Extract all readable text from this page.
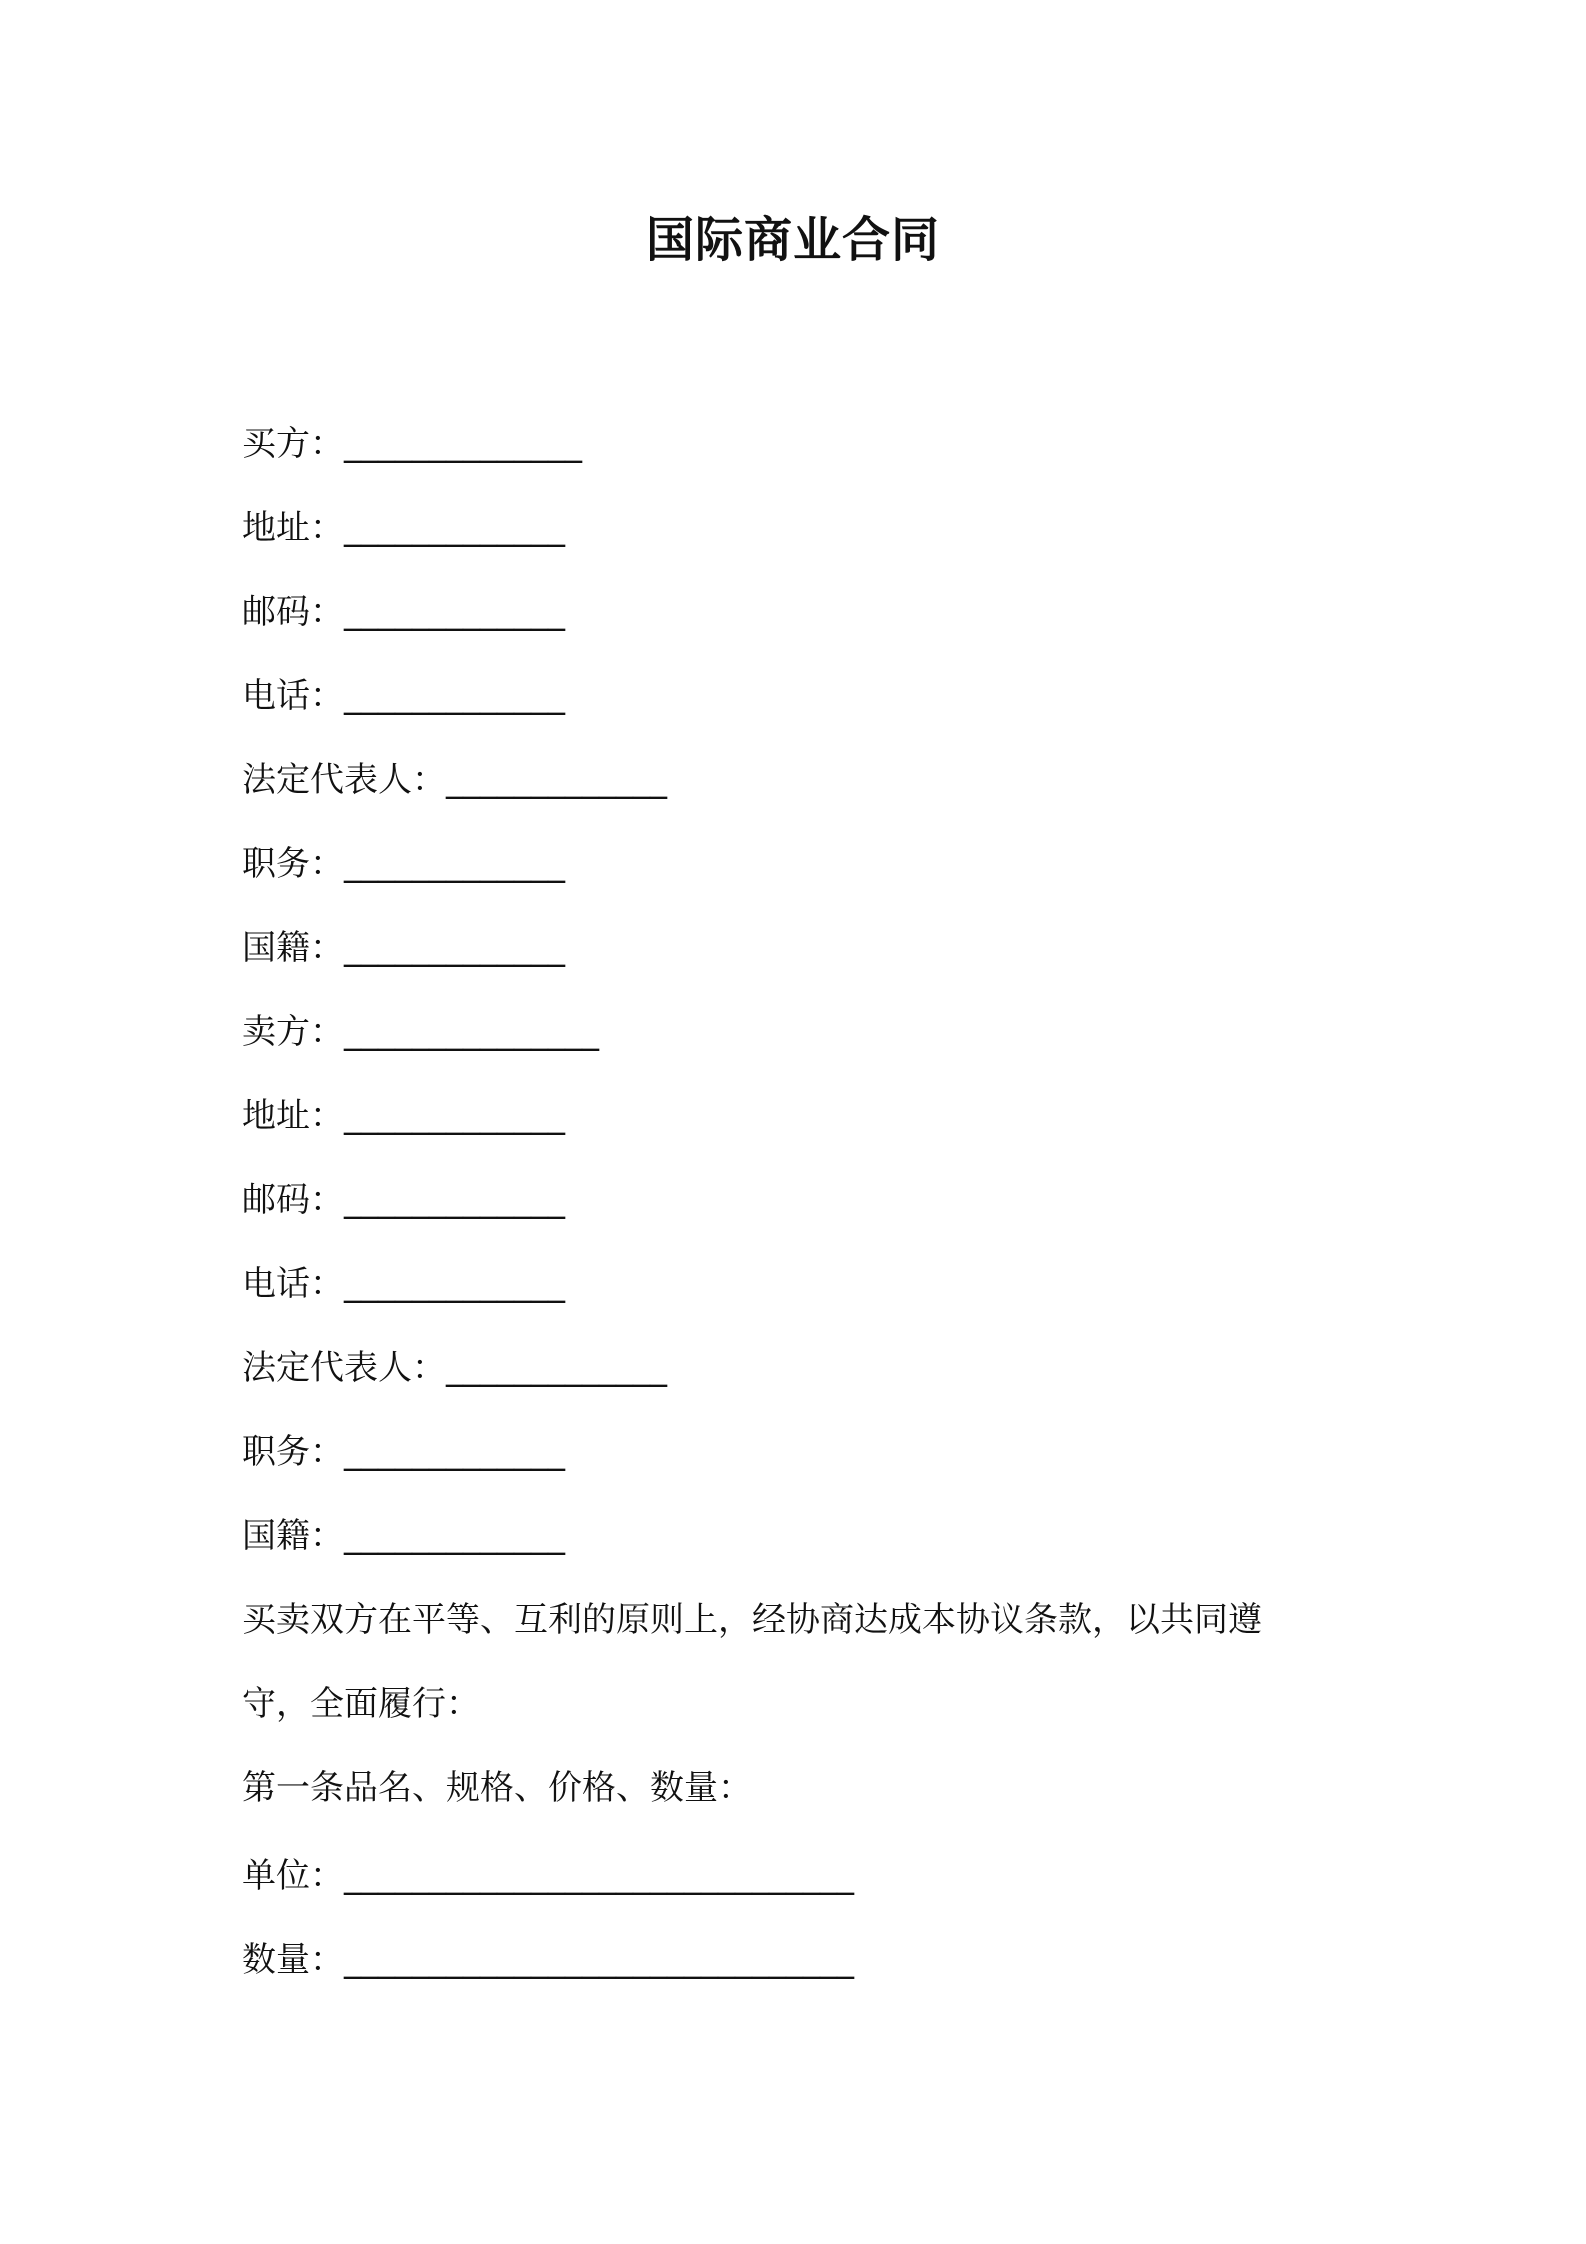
国际商业合同
买方：______________
地址：_____________
邮码：_____________
电话：_____________
法定代表人：_____________
职务：_____________
国籍：_____________
卖方：_______________
地址：_____________
邮码：_____________
电话：_____________
法定代表人：_____________
职务：_____________
国籍：_____________
买卖双方在平等、互利的原则上，经协商达成本协议条款，以共同遵
守，全面履行：
第一条品名、规格、价格、数量：
单位：______________________________
数量：______________________________
